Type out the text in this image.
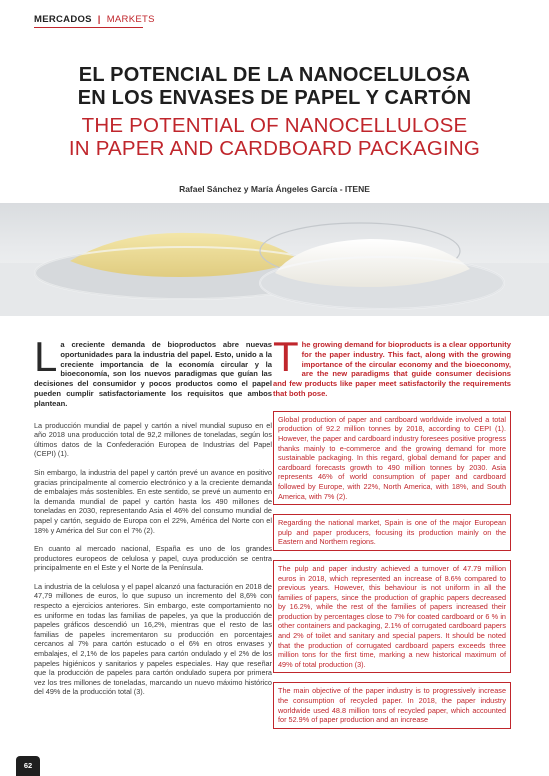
MERCADOS | MARKETS
EL POTENCIAL DE LA NANOCELULOSA
EN LOS ENVASES DE PAPEL Y CARTÓN
THE POTENTIAL OF NANOCELLULOSE
IN PAPER AND CARDBOARD PACKAGING
Rafael Sánchez y María Ángeles García - ITENE

La creciente demanda de bioproductos abre nuevas oportunidades para la industria del papel. Esto, unido a la creciente importancia de la economía circular y la bioeconomía, son los nuevos paradigmas que guían las decisiones del consumidor y pocos productos como el papel pueden cumplir satisfactoriamente los requisitos que ambos plantean.

La producción mundial de papel y cartón a nivel mundial supuso en el año 2018 una producción total de 92,2 millones de toneladas, según los últimos datos de la Confederación Europea de Industrias del Papel (CEPI) (1).

Sin embargo, la industria del papel y cartón prevé un avance en positivo gracias principalmente al comercio electrónico y a la creciente demanda de embalajes más sostenibles. En este sentido, se prevé un aumento en la demanda mundial de papel y cartón hasta los 490 millones de toneladas en 2030, representando Asia el 46% del consumo mundial de papel y cartón, seguido de Europa con el 22%, América del Norte con el 18% y América del Sur con el 7% (2).

En cuanto al mercado nacional, España es uno de los grandes productores europeos de celulosa y papel, cuya producción se centra principalmente en el Este y el Norte de la Península.

La industria de la celulosa y el papel alcanzó una facturación en 2018 de 47,79 millones de euros, lo que supuso un incremento del 8,6% con respecto a ejercicios anteriores. Sin embargo, este comportamiento no es uniforme en todas las familias de papeles, ya que la producción de papeles gráficos descendió un 16,2%, mientras que el resto de las familias de papeles incrementaron su producción en porcentajes cercanos al 7% para cartón estucado o el 6% en otros envases y embalajes, el 2,1% de los papeles para cartón ondulado y el 2% de los papeles higiénicos y sanitarios y papeles especiales. Hay que reseñar que la producción de papeles para cartón ondulado supera por primera vez los tres millones de toneladas, marcando un nuevo máximo histórico del 49% de la producción total (3).

The growing demand for bioproducts is a clear opportunity for the paper industry. This fact, along with the growing importance of the circular economy and the bioeconomy, are the new paradigms that guide consumer decisions and few products like paper meet satisfactorily the requirements that both pose.

Global production of paper and cardboard worldwide involved a total production of 92.2 million tonnes by 2018, according to CEPI (1). However, the paper and cardboard industry foresees positive progress thanks mainly to e-commerce and the growing demand for more sustainable packaging. In this regard, global demand for paper and cardboard forecasts growth to 490 million tonnes by 2030. Asia represents 46% of world consumption of paper and cardboard followed by Europe, with 22%, North America, with 18%, and South America, with 7% (2).

Regarding the national market, Spain is one of the major European pulp and paper producers, focusing its production mainly on the Eastern and Northern regions.

The pulp and paper industry achieved a turnover of 47.79 million euros in 2018, which represented an increase of 8.6% compared to previous years. However, this behaviour is not uniform in all the families of papers, since the production of graphic papers decreased by 16.2%, while the rest of the families of papers increased their production by percentages close to 7% for coated cardboard or 6 % in other containers and packaging, 2.1% of corrugated cardboard papers and 2% of toilet and sanitary and special papers. It should be noted that the production of corrugated cardboard papers exceeds three million tons for the first time, marking a new historical maximum of 49% of total production (3).

The main objective of the paper industry is to progressively increase the consumption of recycled paper. In 2018, the paper industry worldwide used 48.8 million tons of recycled paper, which accounted for 52.9% of paper production and an increase

62
